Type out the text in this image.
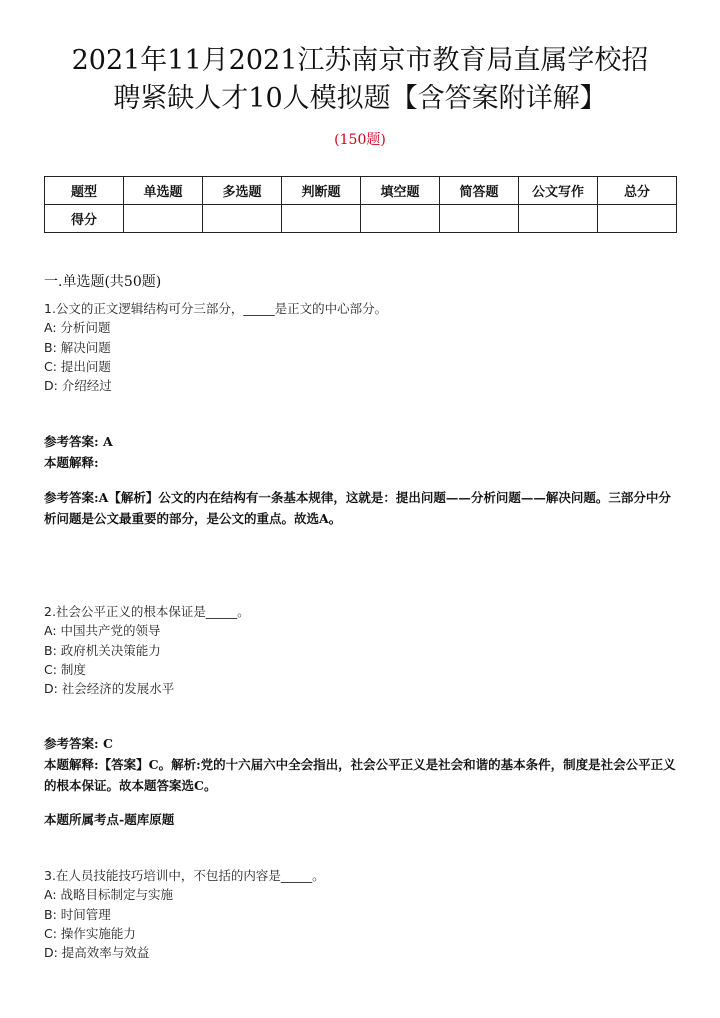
2021年11月2021江苏南京市教育局直属学校招
聘紧缺人才10人模拟题【含答案附详解】
(150题)
题型	单选题	多选题	判断题	填空题	简答题	公文写作	总分
得分							
一.单选题(共50题)
1.公文的正文逻辑结构可分三部分，_____是正文的中心部分。
A: 分析问题
B: 解决问题
C: 提出问题
D: 介绍经过
参考答案: A
本题解释:
参考答案:A【解析】公文的内在结构有一条基本规律，这就是：提出问题——分析问题——解决问题。三部分中分析问题是公文最重要的部分，是公文的重点。故选A。
2.社会公平正义的根本保证是_____。
A: 中国共产党的领导
B: 政府机关决策能力
C: 制度
D: 社会经济的发展水平
参考答案: C
本题解释:【答案】C。解析:党的十六届六中全会指出，社会公平正义是社会和谐的基本条件，制度是社会公平正义 的根本保证。故本题答案选C。
本题所属考点-题库原题
3.在人员技能技巧培训中，不包括的内容是_____。
A: 战略目标制定与实施
B: 时间管理
C: 操作实施能力
D: 提高效率与效益
